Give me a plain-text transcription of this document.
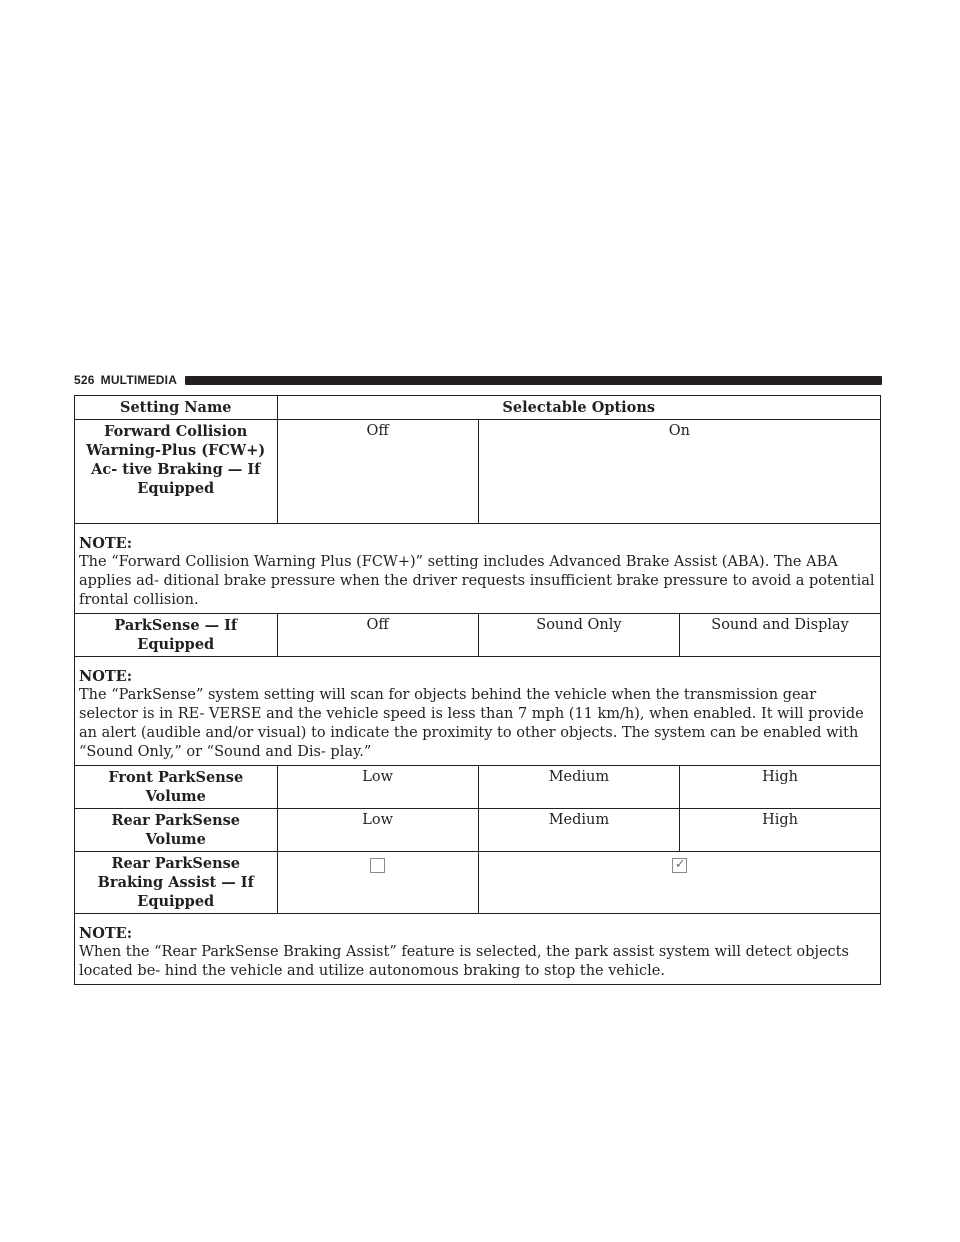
526 MULTIMEDIA
Setting Name	Selectable Options		
Forward Collision Warning-Plus (FCW+) Ac- tive Braking — If Equipped	Off	On	

NOTE:
The “Forward Collision Warning Plus (FCW+)” setting includes Advanced Brake Assist (ABA). The ABA applies ad- ditional brake pressure when the driver requests insufficient brake pressure to avoid a potential frontal collision.			

ParkSense — If Equipped	Off	Sound Only	Sound and Display

NOTE:
The “ParkSense” system setting will scan for objects behind the vehicle when the transmission gear selector is in RE- VERSE and the vehicle speed is less than 7 mph (11 km/h), when enabled. It will provide an alert (audible and/or visual) to indicate the proximity to other objects. The system can be enabled with “Sound Only,” or “Sound and Dis- play.”			

Front ParkSense Volume	Low	Medium	High
Rear ParkSense Volume	Low	Medium	High
Rear ParkSense Braking Assist — If Equipped		✓	

NOTE:
When the “Rear ParkSense Braking Assist” feature is selected, the park assist system will detect objects located be- hind the vehicle and utilize autonomous braking to stop the vehicle.			
